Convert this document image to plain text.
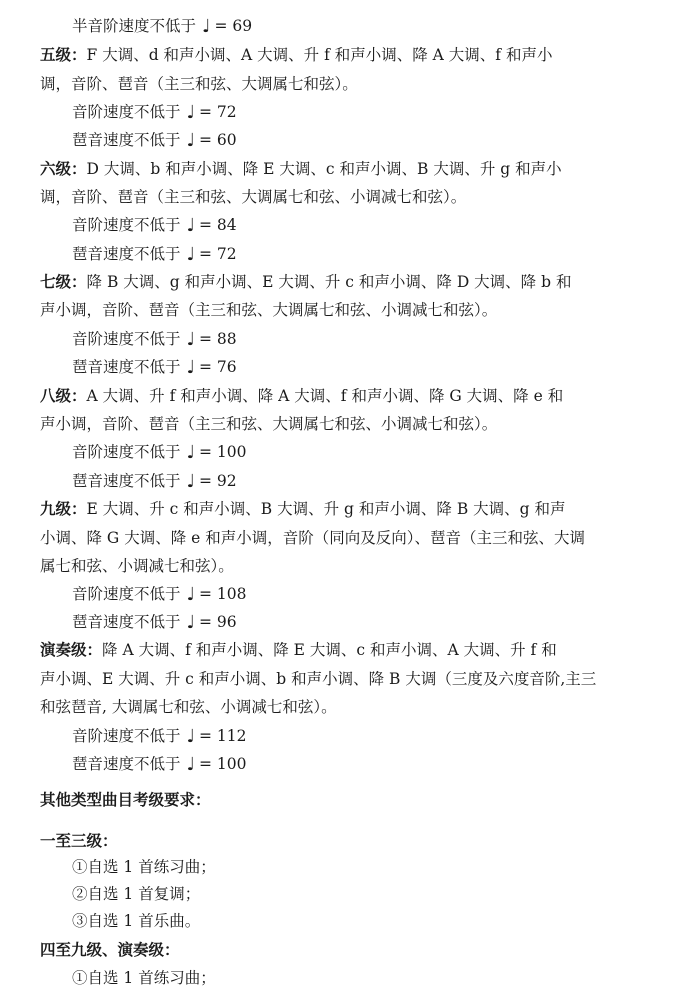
半音阶速度不低于 ♩ = 69
五级：F 大调、d 和声小调、A 大调、升 f 和声小调、降 A 大调、f 和声小
调，音阶、琶音（主三和弦、大调属七和弦）。
音阶速度不低于 ♩ = 72
琶音速度不低于 ♩ = 60
六级：D 大调、b 和声小调、降 E 大调、c 和声小调、B 大调、升 g 和声小
调，音阶、琶音（主三和弦、大调属七和弦、小调减七和弦）。
音阶速度不低于 ♩ = 84
琶音速度不低于 ♩ = 72
七级：降 B 大调、g 和声小调、E 大调、升 c 和声小调、降 D 大调、降 b 和
声小调，音阶、琶音（主三和弦、大调属七和弦、小调减七和弦）。
音阶速度不低于 ♩ = 88
琶音速度不低于 ♩ = 76
八级：A 大调、升 f 和声小调、降 A 大调、f 和声小调、降 G 大调、降 e 和
声小调，音阶、琶音（主三和弦、大调属七和弦、小调减七和弦）。
音阶速度不低于 ♩ = 100
琶音速度不低于 ♩ = 92
九级：E 大调、升 c 和声小调、B 大调、升 g 和声小调、降 B 大调、g 和声
小调、降 G 大调、降 e 和声小调，音阶（同向及反向）、琶音（主三和弦、大调
属七和弦、小调减七和弦）。
音阶速度不低于 ♩ = 108
琶音速度不低于 ♩ = 96
演奏级：降 A 大调、f 和声小调、降 E 大调、c 和声小调、A 大调、升 f 和
声小调、E 大调、升 c 和声小调、b 和声小调、降 B 大调（三度及六度音阶,主三
和弦琶音, 大调属七和弦、小调减七和弦）。
音阶速度不低于 ♩ = 112
琶音速度不低于 ♩ = 100
其他类型曲目考级要求：
一至三级：
①自选 1 首练习曲；
②自选 1 首复调；
③自选 1 首乐曲。
四至九级、演奏级：
①自选 1 首练习曲；
